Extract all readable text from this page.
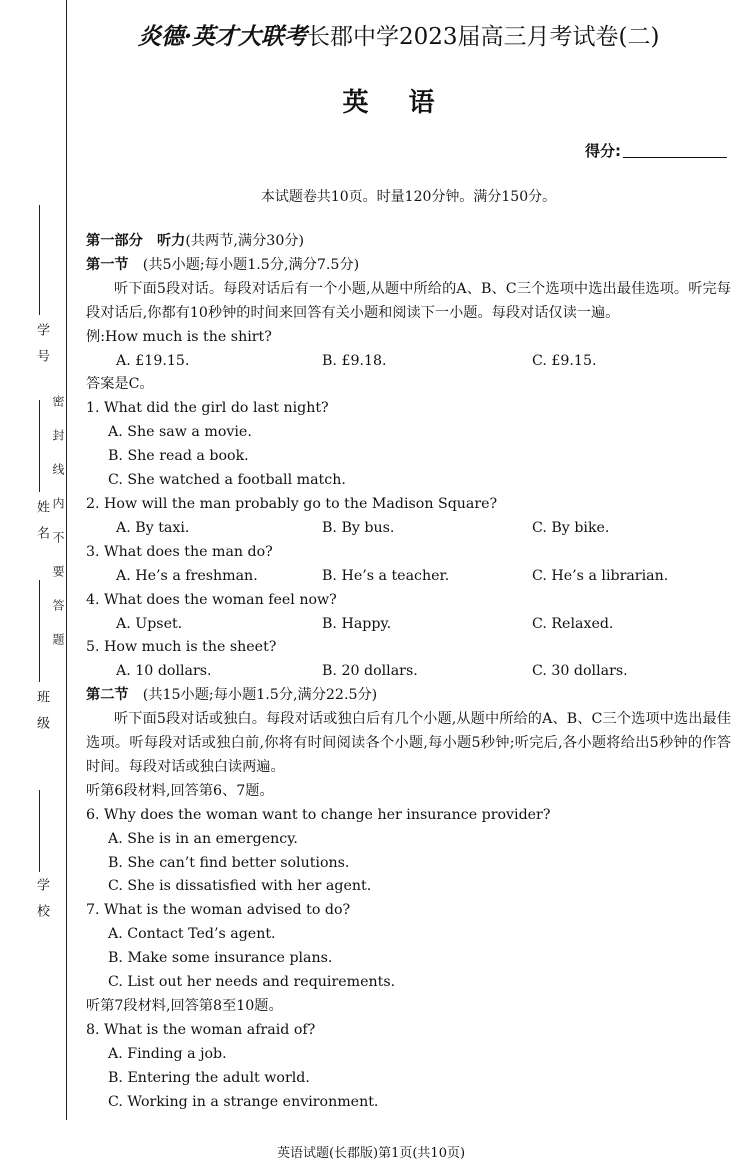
学　号
姓　名
班　级
学　校
密封线内不要答题
炎德·英才大联考长郡中学2023届高三月考试卷(二)
英语
得分:
本试题卷共10页。时量120分钟。满分150分。
第一部分　听力(共两节,满分30分)
第一节　 (共5小题;每小题1.5分,满分7.5分)
听下面5段对话。每段对话后有一个小题,从题中所给的A、B、C三个选项中选出最佳选项。听完每段对话后,你都有10秒钟的时间来回答有关小题和阅读下一小题。每段对话仅读一遍。
例:How much is the shirt?
A. £19.15.	B. £9.18.	C. £9.15.
答案是C。
1. What did the girl do last night?
A. She saw a movie.
B. She read a book.
C. She watched a football match.
2. How will the man probably go to the Madison Square?
A. By taxi.	B. By bus.	C. By bike.
3. What does the man do?
A. He’s a freshman.	B. He’s a teacher.	C. He’s a librarian.
4. What does the woman feel now?
A. Upset.	B. Happy.	C. Relaxed.
5. How much is the sheet?
A. 10 dollars.	B. 20 dollars.	C. 30 dollars.
第二节　 (共15小题;每小题1.5分,满分22.5分)
听下面5段对话或独白。每段对话或独白后有几个小题,从题中所给的A、B、C三个选项中选出最佳选项。听每段对话或独白前,你将有时间阅读各个小题,每小题5秒钟;听完后,各小题将给出5秒钟的作答时间。每段对话或独白读两遍。
听第6段材料,回答第6、7题。
6. Why does the woman want to change her insurance provider?
A. She is in an emergency.
B. She can’t find better solutions.
C. She is dissatisfied with her agent.
7. What is the woman advised to do?
A. Contact Ted’s agent.
B. Make some insurance plans.
C. List out her needs and requirements.
听第7段材料,回答第8至10题。
8. What is the woman afraid of?
A. Finding a job.
B. Entering the adult world.
C. Working in a strange environment.
英语试题(长郡版)第1页(共10页)
